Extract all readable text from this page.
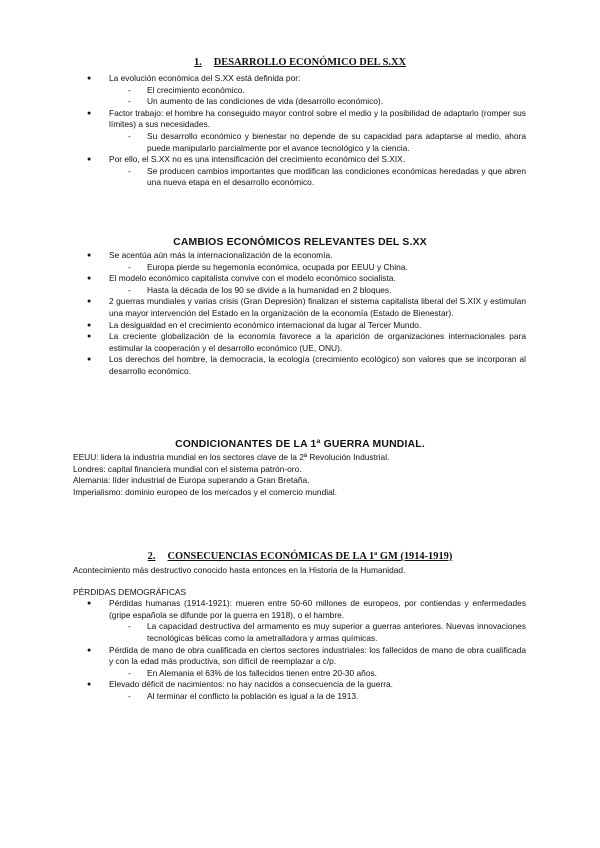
1. DESARROLLO ECONÓMICO DEL S.XX
● La evolución económica del S.XX está definida por:
- El crecimiento económico.
- Un aumento de las condiciones de vida (desarrollo económico).
● Factor trabajo: el hombre ha conseguido mayor control sobre el medio y la posibilidad de adaptarlo (romper sus límites) a sus necesidades.
- Su desarrollo económico y bienestar no depende de su capacidad para adaptarse al medio, ahora puede manipularlo parcialmente por el avance tecnológico y la ciencia.
● Por ello, el S.XX no es una intensificación del crecimiento económico del S.XIX.
- Se producen cambios importantes que modifican las condiciones económicas heredadas y que abren una nueva etapa en el desarrollo económico.
CAMBIOS ECONÓMICOS RELEVANTES DEL S.XX
● Se acentúa aún más la internacionalización de la economía.
- Europa pierde su hegemonía económica, ocupada por EEUU y China.
● El modelo económico capitalista convive con el modelo económico socialista.
- Hasta la década de los 90 se divide a la humanidad en 2 bloques.
● 2 guerras mundiales y varias crisis (Gran Depresión) finalizan el sistema capitalista liberal del S.XIX y estimulan una mayor intervención del Estado en la organización de la economía (Estado de Bienestar).
● La desigualdad en el crecimiento económico internacional da lugar al Tercer Mundo.
● La creciente globalización de la economía favorece a la aparición de organizaciones internacionales para estimular la cooperación y el desarrollo económico (UE, ONU).
● Los derechos del hombre, la democracia, la ecología (crecimiento ecológico) son valores que se incorporan al desarrollo económico.
CONDICIONANTES DE LA 1ª GUERRA MUNDIAL.

EEUU: lidera la industria mundial en los sectores clave de la 2ª Revolución Industrial.

Londres: capital financiera mundial con el sistema patrón-oro.

Alemania: líder industrial de Europa superando a Gran Bretaña.

Imperialismo: dominio europeo de los mercados y el comercio mundial.

2. CONSECUENCIAS ECONÓMICAS DE LA 1ª GM (1914-1919)

Acontecimiento más destructivo conocido hasta entonces en la Historia de la Humanidad.

PÉRDIDAS DEMOGRÁFICAS

● Pérdidas humanas (1914-1921): mueren entre 50-60 millones de europeos, por contiendas y enfermedades (gripe española se difunde por la guerra en 1918), o el hambre.
- La capacidad destructiva del armamento es muy superior a guerras anteriores. Nuevas innovaciones tecnológicas bélicas como la ametralladora y armas químicas.
● Pérdida de mano de obra cualificada en ciertos sectores industriales: los fallecidos de mano de obra cualificada y con la edad más productiva, son difícil de reemplazar a c/p.
- En Alemania el 63% de los fallecidos tienen entre 20-30 años.
● Elevado déficit de nacimientos: no hay nacidos a consecuencia de la guerra.
- Al terminar el conflicto la población es igual a la de 1913.
